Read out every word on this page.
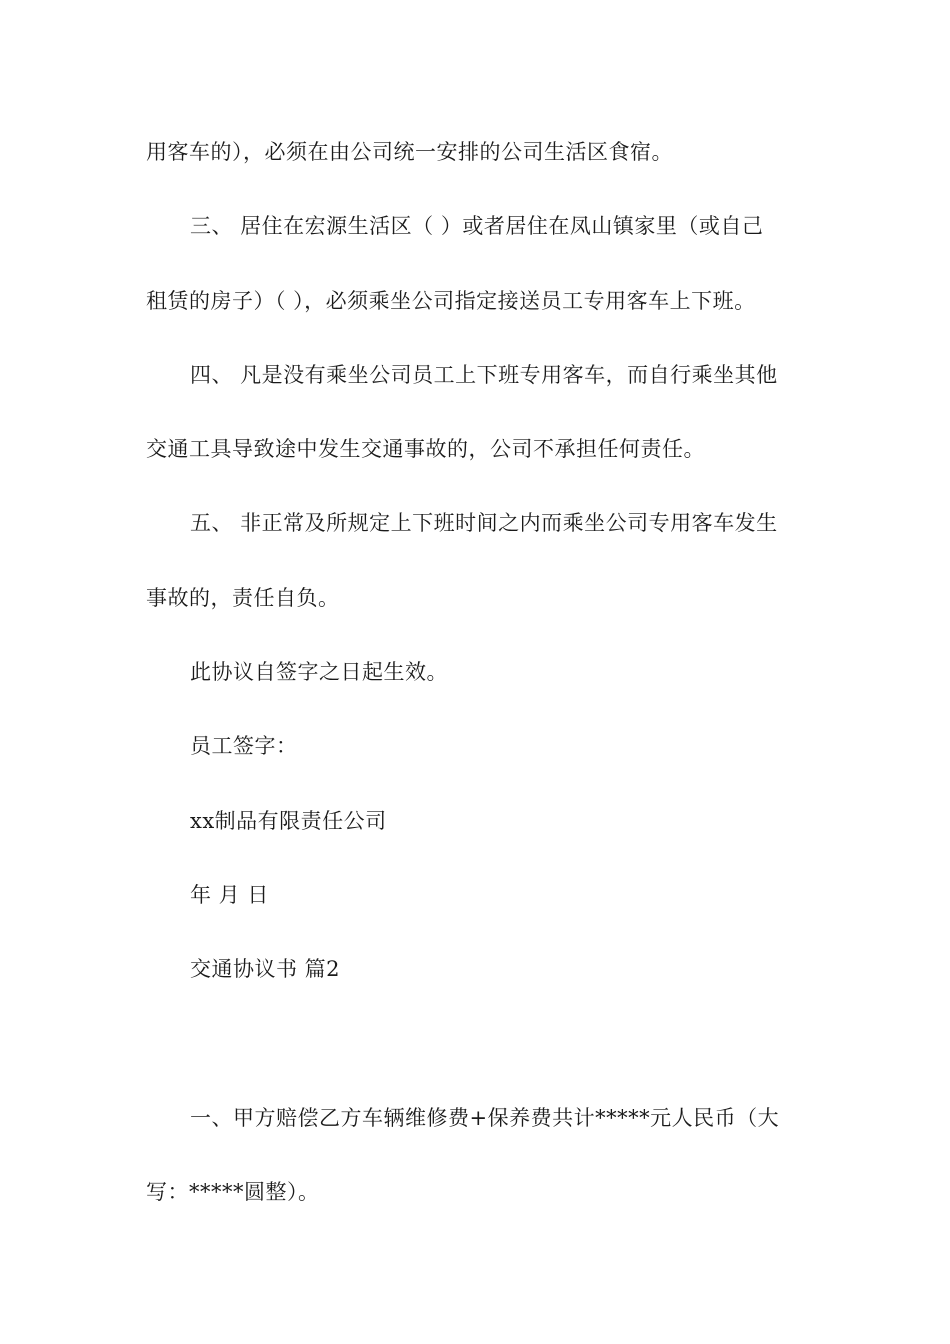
用客车的），必须在由公司统一安排的公司生活区食宿。
三、 居住在宏源生活区（ ）或者居住在凤山镇家里（或自己
租赁的房子）（ ），必须乘坐公司指定接送员工专用客车上下班。
四、 凡是没有乘坐公司员工上下班专用客车，而自行乘坐其他
交通工具导致途中发生交通事故的，公司不承担任何责任。
五、 非正常及所规定上下班时间之内而乘坐公司专用客车发生
事故的，责任自负。
此协议自签字之日起生效。
员工签字：
xx制品有限责任公司
年 月 日
交通协议书 篇2
一、甲方赔偿乙方车辆维修费+保养费共计*****元人民币（大
写：*****圆整）。
